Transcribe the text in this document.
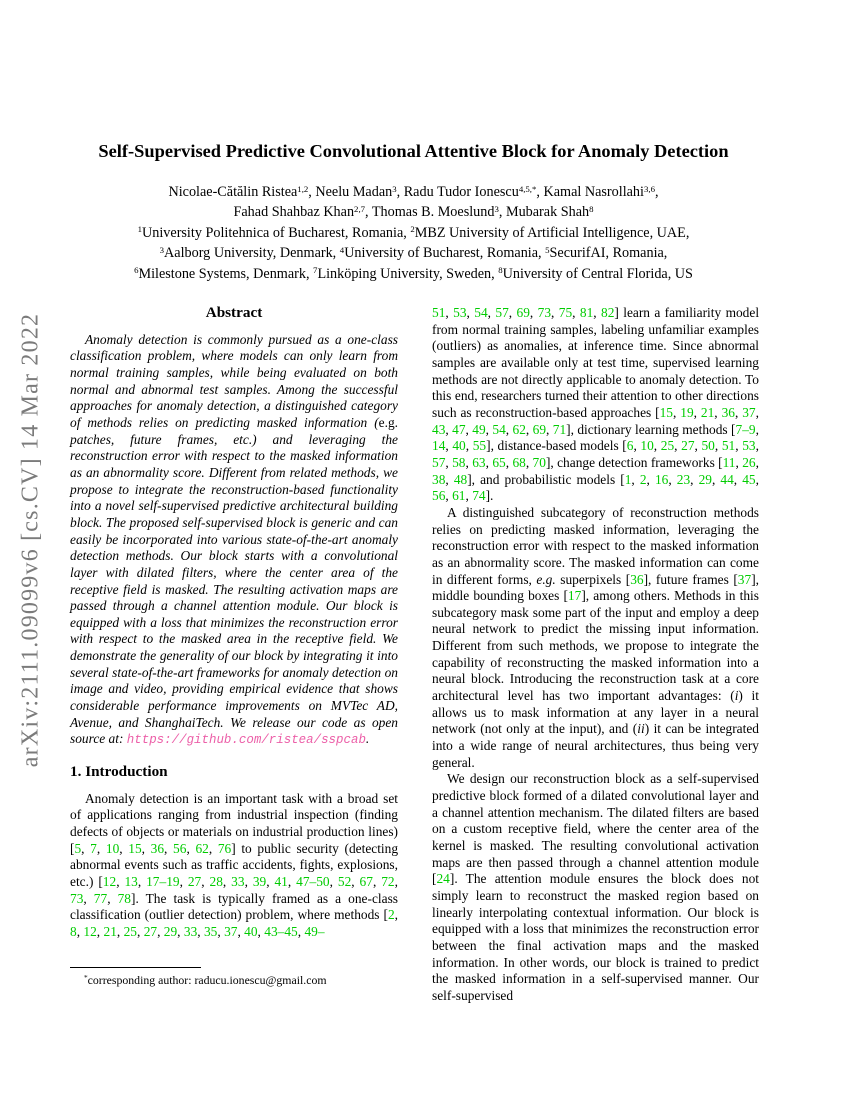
arXiv:2111.09099v6 [cs.CV] 14 Mar 2022
Self-Supervised Predictive Convolutional Attentive Block for Anomaly Detection
Nicolae-Cătălin Ristea$^{1,2}$, Neelu Madan$^3$, Radu Tudor Ionescu$^{4,5,*}$, Kamal Nasrollahi$^{3,6}$,
Fahad Shahbaz Khan$^{2,7}$, Thomas B. Moeslund$^3$, Mubarak Shah$^8$
$^1$University Politehnica of Bucharest, Romania, $^2$MBZ University of Artificial Intelligence, UAE,
$^3$Aalborg University, Denmark, $^4$University of Bucharest, Romania, $^5$SecurifAI, Romania,
$^6$Milestone Systems, Denmark, $^7$Linköping University, Sweden, $^8$University of Central Florida, US
Abstract

Anomaly detection is commonly pursued as a one-class classification problem, where models can only learn from normal training samples, while being evaluated on both normal and abnormal test samples. Among the successful approaches for anomaly detection, a distinguished category of methods relies on predicting masked information (e.g. patches, future frames, etc.) and leveraging the reconstruction error with respect to the masked information as an abnormality score. Different from related methods, we propose to integrate the reconstruction-based functionality into a novel self-supervised predictive architectural building block. The proposed self-supervised block is generic and can easily be incorporated into various state-of-the-art anomaly detection methods. Our block starts with a convolutional layer with dilated filters, where the center area of the receptive field is masked. The resulting activation maps are passed through a channel attention module. Our block is equipped with a loss that minimizes the reconstruction error with respect to the masked area in the receptive field. We demonstrate the generality of our block by integrating it into several state-of-the-art frameworks for anomaly detection on image and video, providing empirical evidence that shows considerable performance improvements on MVTec AD, Avenue, and ShanghaiTech. We release our code as open source at: https://github.com/ristea/sspcab.

1. Introduction

Anomaly detection is an important task with a broad set of applications ranging from industrial inspection (finding defects of objects or materials on industrial production lines) [5, 7, 10, 15, 36, 56, 62, 76] to public security (detecting abnormal events such as traffic accidents, fights, explosions, etc.) [12, 13, 17–19, 27, 28, 33, 39, 41, 47–50, 52, 67, 72, 73, 77, 78]. The task is typically framed as a one-class classification (outlier detection) problem, where methods [2, 8, 12, 21, 25, 27, 29, 33, 35, 37, 40, 43–45, 49–

*corresponding author: raducu.ionescu@gmail.com

51, 53, 54, 57, 69, 73, 75, 81, 82] learn a familiarity model from normal training samples, labeling unfamiliar examples (outliers) as anomalies, at inference time. Since abnormal samples are available only at test time, supervised learning methods are not directly applicable to anomaly detection. To this end, researchers turned their attention to other directions such as reconstruction-based approaches [15, 19, 21, 36, 37, 43, 47, 49, 54, 62, 69, 71], dictionary learning methods [7–9, 14, 40, 55], distance-based models [6, 10, 25, 27, 50, 51, 53, 57, 58, 63, 65, 68, 70], change detection frameworks [11, 26, 38, 48], and probabilistic models [1, 2, 16, 23, 29, 44, 45, 56, 61, 74].

A distinguished subcategory of reconstruction methods relies on predicting masked information, leveraging the reconstruction error with respect to the masked information as an abnormality score. The masked information can come in different forms, e.g. superpixels [36], future frames [37], middle bounding boxes [17], among others. Methods in this subcategory mask some part of the input and employ a deep neural network to predict the missing input information. Different from such methods, we propose to integrate the capability of reconstructing the masked information into a neural block. Introducing the reconstruction task at a core architectural level has two important advantages: (i) it allows us to mask information at any layer in a neural network (not only at the input), and (ii) it can be integrated into a wide range of neural architectures, thus being very general.

We design our reconstruction block as a self-supervised predictive block formed of a dilated convolutional layer and a channel attention mechanism. The dilated filters are based on a custom receptive field, where the center area of the kernel is masked. The resulting convolutional activation maps are then passed through a channel attention module [24]. The attention module ensures the block does not simply learn to reconstruct the masked region based on linearly interpolating contextual information. Our block is equipped with a loss that minimizes the reconstruction error between the final activation maps and the masked information. In other words, our block is trained to predict the masked information in a self-supervised manner. Our self-supervised
